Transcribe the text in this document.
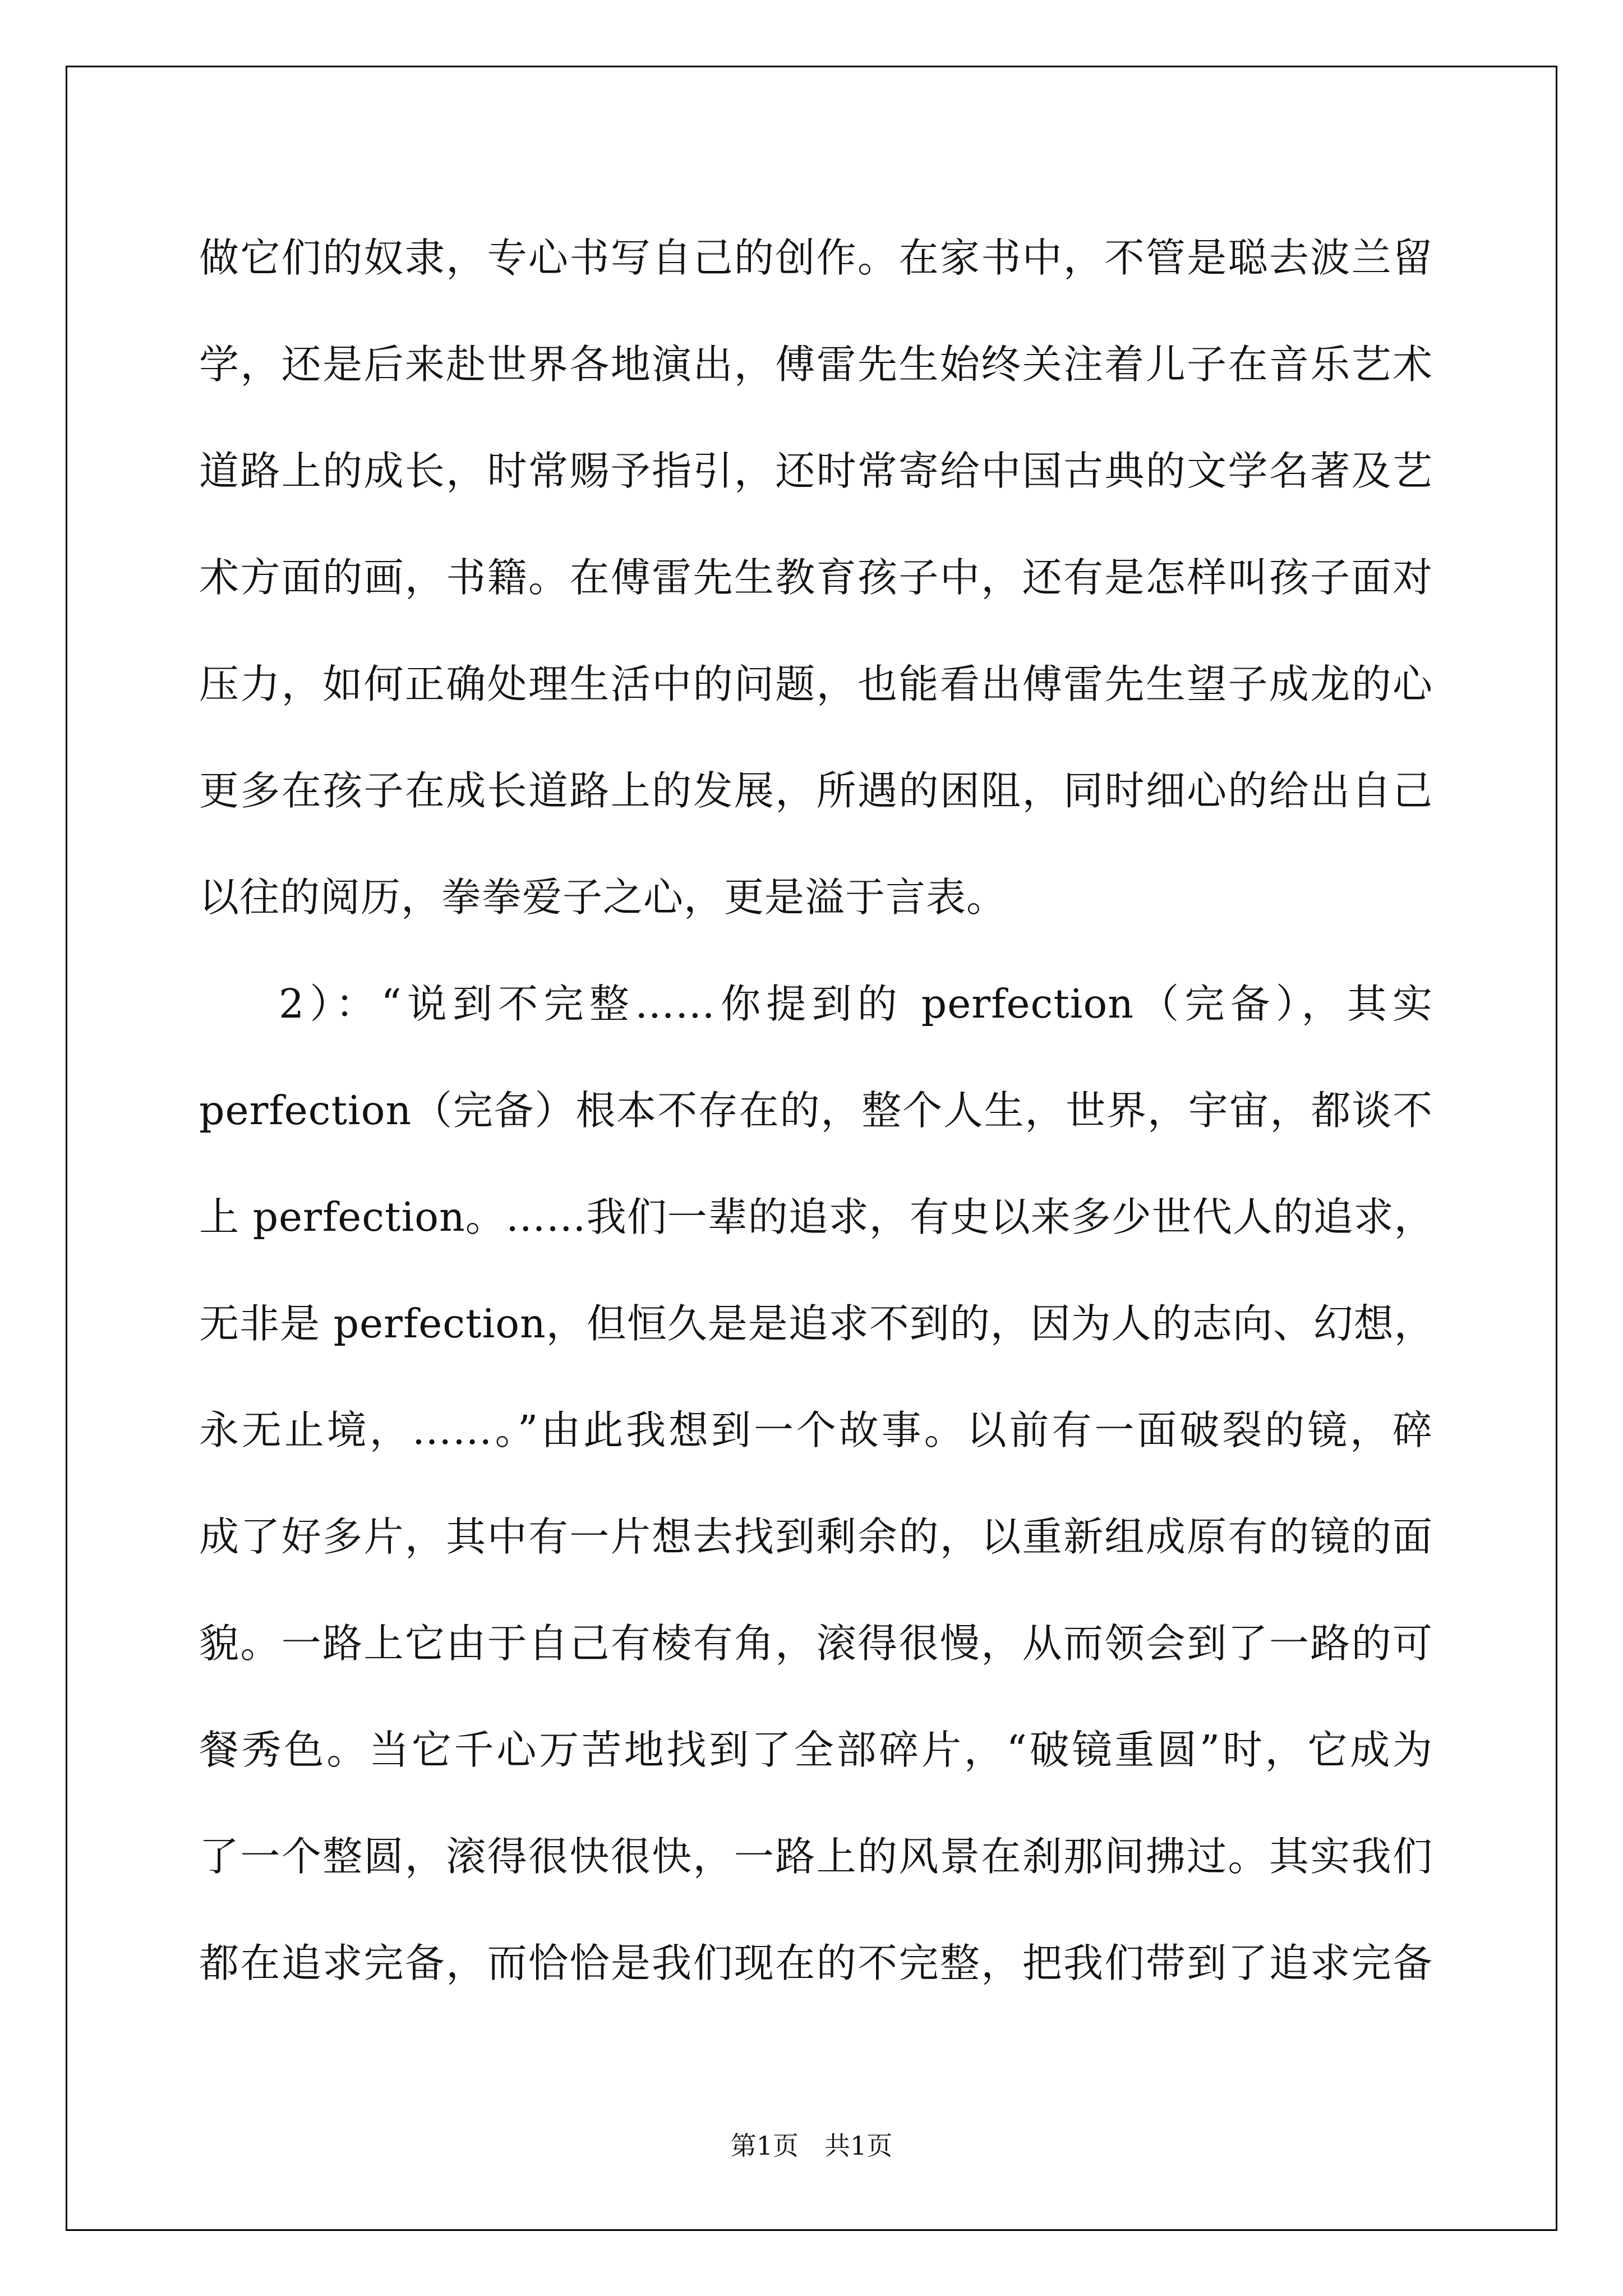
做它们的奴隶，专心书写自己的创作。在家书中，不管是聪去波兰留
学，还是后来赴世界各地演出，傅雷先生始终关注着儿子在音乐艺术
道路上的成长，时常赐予指引，还时常寄给中国古典的文学名著及艺
术方面的画，书籍。在傅雷先生教育孩子中，还有是怎样叫孩子面对
压力，如何正确处理生活中的问题，也能看出傅雷先生望子成龙的心
更多在孩子在成长道路上的发展，所遇的困阻，同时细心的给出自己
以往的阅历，拳拳爱子之心，更是溢于言表。
2）：“说到不完整……你提到的 perfection（完备），其实
perfection（完备）根本不存在的，整个人生，世界，宇宙，都谈不
上 perfection。……我们一辈的追求，有史以来多少世代人的追求，
无非是 perfection，但恒久是是追求不到的，因为人的志向、幻想，
永无止境，……。”由此我想到一个故事。以前有一面破裂的镜，碎
成了好多片，其中有一片想去找到剩余的，以重新组成原有的镜的面
貌。一路上它由于自己有棱有角，滚得很慢，从而领会到了一路的可
餐秀色。当它千心万苦地找到了全部碎片，“破镜重圆”时，它成为
了一个整圆，滚得很快很快，一路上的风景在刹那间拂过。其实我们
都在追求完备，而恰恰是我们现在的不完整，把我们带到了追求完备
第1页 共1页
